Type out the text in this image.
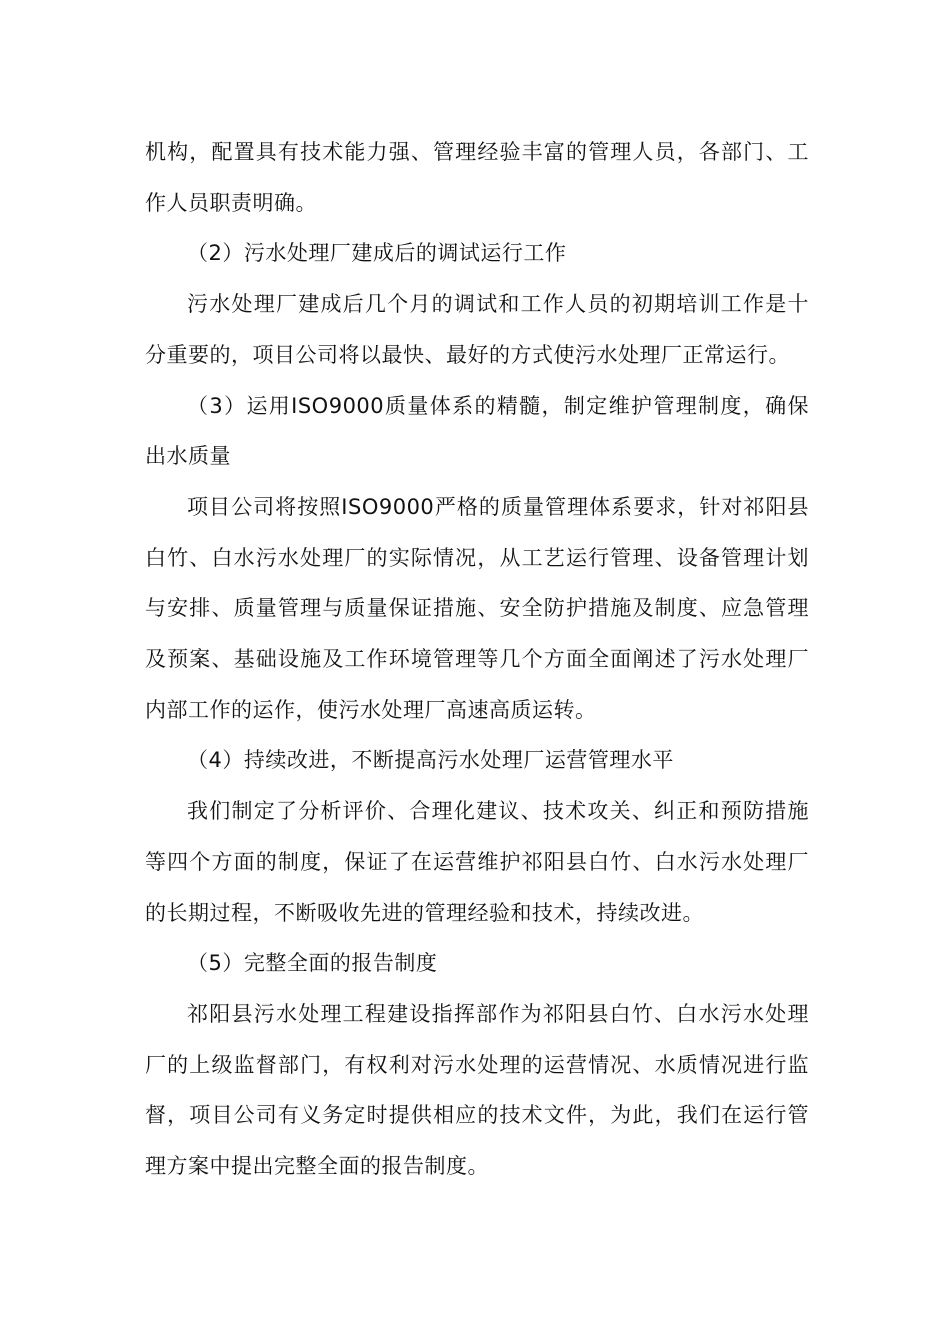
机构，配置具有技术能力强、管理经验丰富的管理人员，各部门、工作人员职责明确。

（2）污水处理厂建成后的调试运行工作

污水处理厂建成后几个月的调试和工作人员的初期培训工作是十分重要的，项目公司将以最快、最好的方式使污水处理厂正常运行。

（3）运用ISO9000质量体系的精髓，制定维护管理制度，确保出水质量

项目公司将按照ISO9000严格的质量管理体系要求，针对祁阳县白竹、白水污水处理厂的实际情况，从工艺运行管理、设备管理计划与安排、质量管理与质量保证措施、安全防护措施及制度、应急管理及预案、基础设施及工作环境管理等几个方面全面阐述了污水处理厂内部工作的运作，使污水处理厂高速高质运转。

（4）持续改进，不断提高污水处理厂运营管理水平

我们制定了分析评价、合理化建议、技术攻关、纠正和预防措施等四个方面的制度，保证了在运营维护祁阳县白竹、白水污水处理厂的长期过程，不断吸收先进的管理经验和技术，持续改进。

（5）完整全面的报告制度

祁阳县污水处理工程建设指挥部作为祁阳县白竹、白水污水处理厂的上级监督部门，有权利对污水处理的运营情况、水质情况进行监督，项目公司有义务定时提供相应的技术文件，为此，我们在运行管理方案中提出完整全面的报告制度。
